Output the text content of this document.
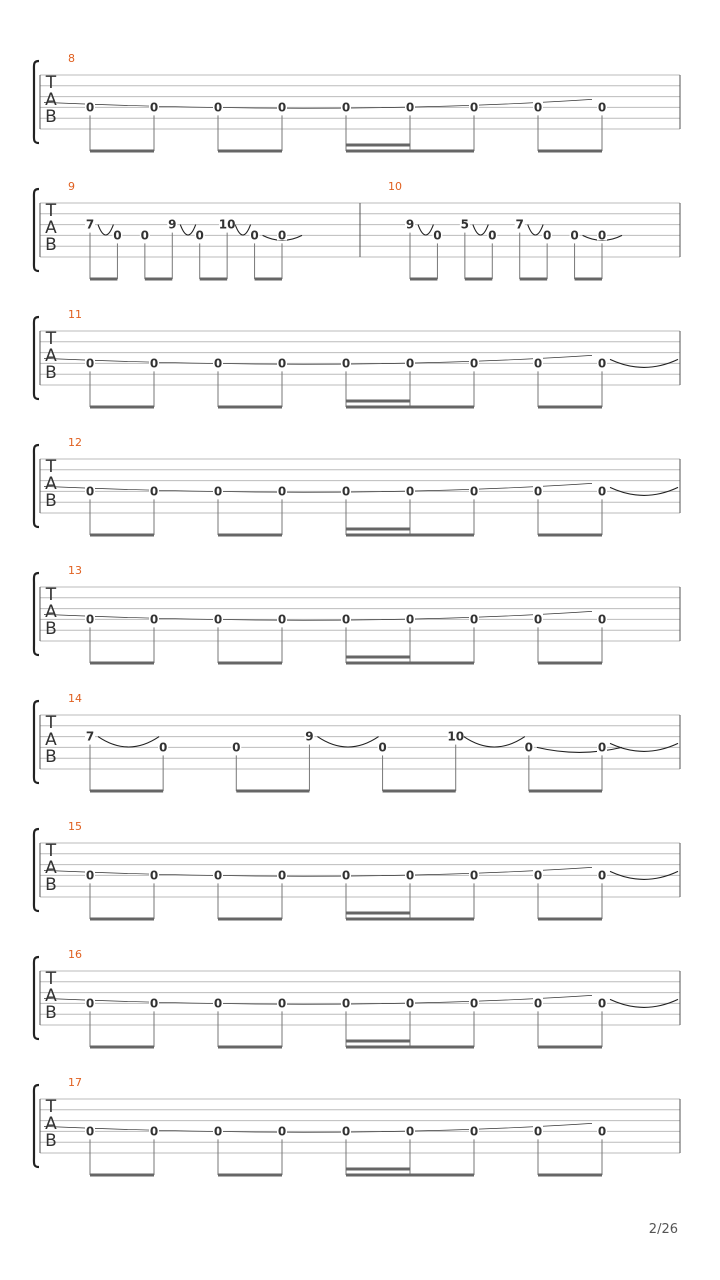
T
A
B
8
0	0	0	0	0	0	0	0	0
T
A
B
9
7
0 0
9
0
10
0 0
10
9
0
5
0
7
0 0 0
T
A
B
11
0	0	0	0	0	0	0	0	0
T
A
B
12
0	0	0	0	0	0	0	0	0
T
A
B
13
0	0	0	0	0	0	0	0	0
T
A
B
14
7
0	0
9
0
10
0	0
T
A
B
15
0	0	0	0	0	0	0	0	0
T
A
B
16
0	0	0	0	0	0	0	0	0
T
A
B
17
0	0	0	0	0	0	0	0	0
2/26
